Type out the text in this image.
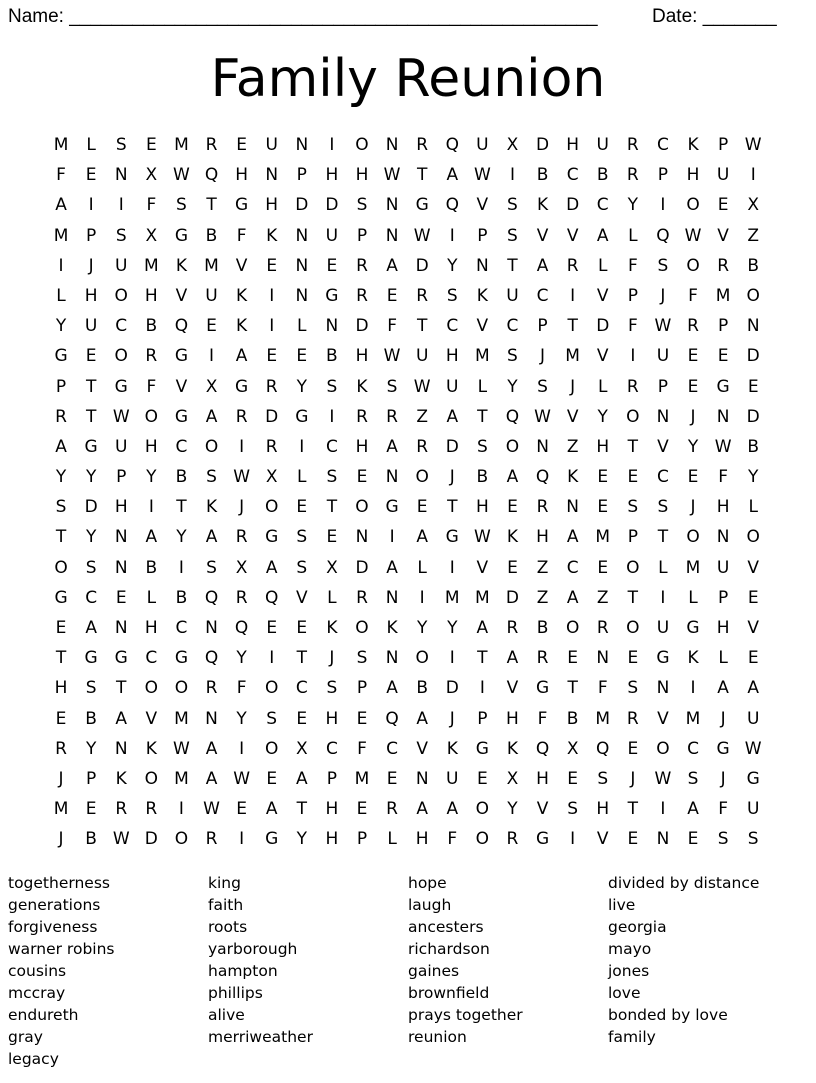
Name: __________________________________________________	Date: _______
Family Reunion
M	L	S	E	M R	E	U	N	I	O	N	R	Q	U	X	D	H	U	R	C	K	P W
F	E	N	X W Q	H	N	P	H	H W T	A W	I	B	C	B	R	P	H	U	I
A	I	I	F	S	T	G	H	D	D	S	N	G Q	V	S	K	D	C	Y	I	O	E	X
M	P	S	X	G	B	F	K	N	U	P	N W	I	P	S	V	V	A	L	Q W V	Z
I	J	U M	K	M V	E	N	E	R	A	D	Y	N	T	A	R	L	F	S	O	R	B
L	H	O	H	V	U	K	I	N	G	R	E	R	S	K	U	C	I	V	P	J	F	M O
Y	U	C	B	Q	E	K	I	L	N	D	F	T	C	V	C	P	T	D	F W R	P	N
G	E	O	R	G	I	A	E	E	B	H W U	H M	S	J	M V	I	U	E	E	D
P	T	G	F	V	X	G	R	Y	S	K	S W U	L	Y	S	J	L	R	P	E	G	E
R	T W O G	A	R	D G	I	R	R	Z	A	T	Q W V	Y	O	N	J	N	D
A	G	U	H	C	O	I	R	I	C	H	A	R	D	S	O	N	Z	H	T	V	Y W B
Y	Y	P	Y	B	S W X	L	S	E	N	O	J	B	A	Q	K	E	E	C	E	F	Y
S	D	H	I	T	K	J	O	E	T	O G	E	T	H	E	R	N	E	S	S	J	H	L
T	Y	N	A	Y	A	R	G	S	E	N	I	A	G W K	H	A M	P	T	O	N	O
O	S	N	B	I	S	X	A	S	X	D	A	L	I	V	E	Z	C	E	O	L	M U	V
G	C	E	L	B	Q	R	Q	V	L	R	N	I	M M D	Z	A	Z	T	I	L	P	E
E	A	N	H	C	N	Q	E	E	K	O	K	Y	Y	A	R	B	O	R	O	U	G	H	V
T	G G	C	G Q	Y	I	T	J	S	N	O	I	T	A	R	E	N	E	G	K	L	E
H	S	T	O O	R	F	O	C	S	P	A	B	D	I	V	G	T	F	S	N	I	A	A
E	B	A	V M N	Y	S	E	H	E	Q	A	J	P	H	F	B M R	V M	J	U
R	Y	N	K W A	I	O	X	C	F	C	V	K	G	K	Q	X	Q	E	O	C	G W
J	P	K	O M A W E	A	P	M	E	N	U	E	X	H	E	S	J	W S	J	G
M	E	R	R	I	W E	A	T	H	E	R	A	A	O	Y	V	S	H	T	I	A	F	U
J	B W D O	R	I	G	Y	H	P	L	H	F	O	R	G	I	V	E	N	E	S	S
togetherness
generations
forgiveness
warner robins
cousins
mccray
endureth
gray
legacy
king
faith
roots
yarborough
hampton
phillips
alive
merriweather
hope
laugh
ancesters
richardson
gaines
brownfield
prays together
reunion
divided by distance
live
georgia
mayo
jones
love
bonded by love
family
